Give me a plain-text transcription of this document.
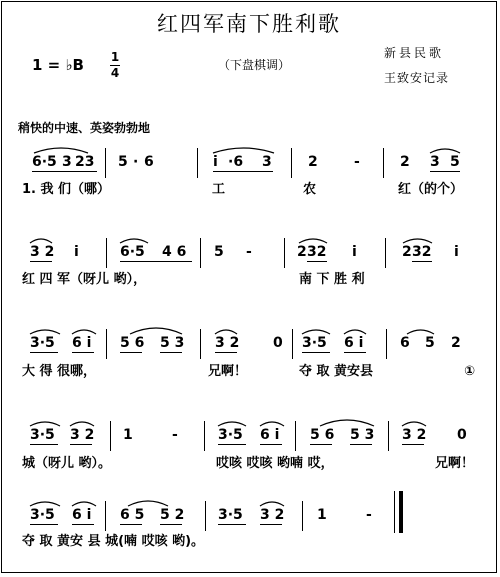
红四军南下胜利歌
1 = ♭B 1
4
（下盘棋调）
新县民歌
王致安记录
稍快的中速、英姿勃勃地
6·5 3 23 5 · 6	i ·6 3	2	-	2 3 5
1. 我 们（哪）	工	农	红（的个）
3 2 i	6·5 4 6 5 -	2 32 i	2 32 i
红 四 军（呀儿 哟），	南 下 胜 利
3·5 6 i 5 6 5 3 3 2 0 3·5 6 i	6 5 2
大 得 很哪，	兄啊！	夺 取 黄安县	①
3·5 3 2 1	-	3·5 6 i 5 6 5 3 3 2 0
城（呀儿 哟）。	哎咳 哎咳 哟喃 哎，	兄啊！
3·5 6 i 6 5 5 2 3·5 3 2 1	-
夺 取 黄安 县 城(喃 哎咳 哟)。
